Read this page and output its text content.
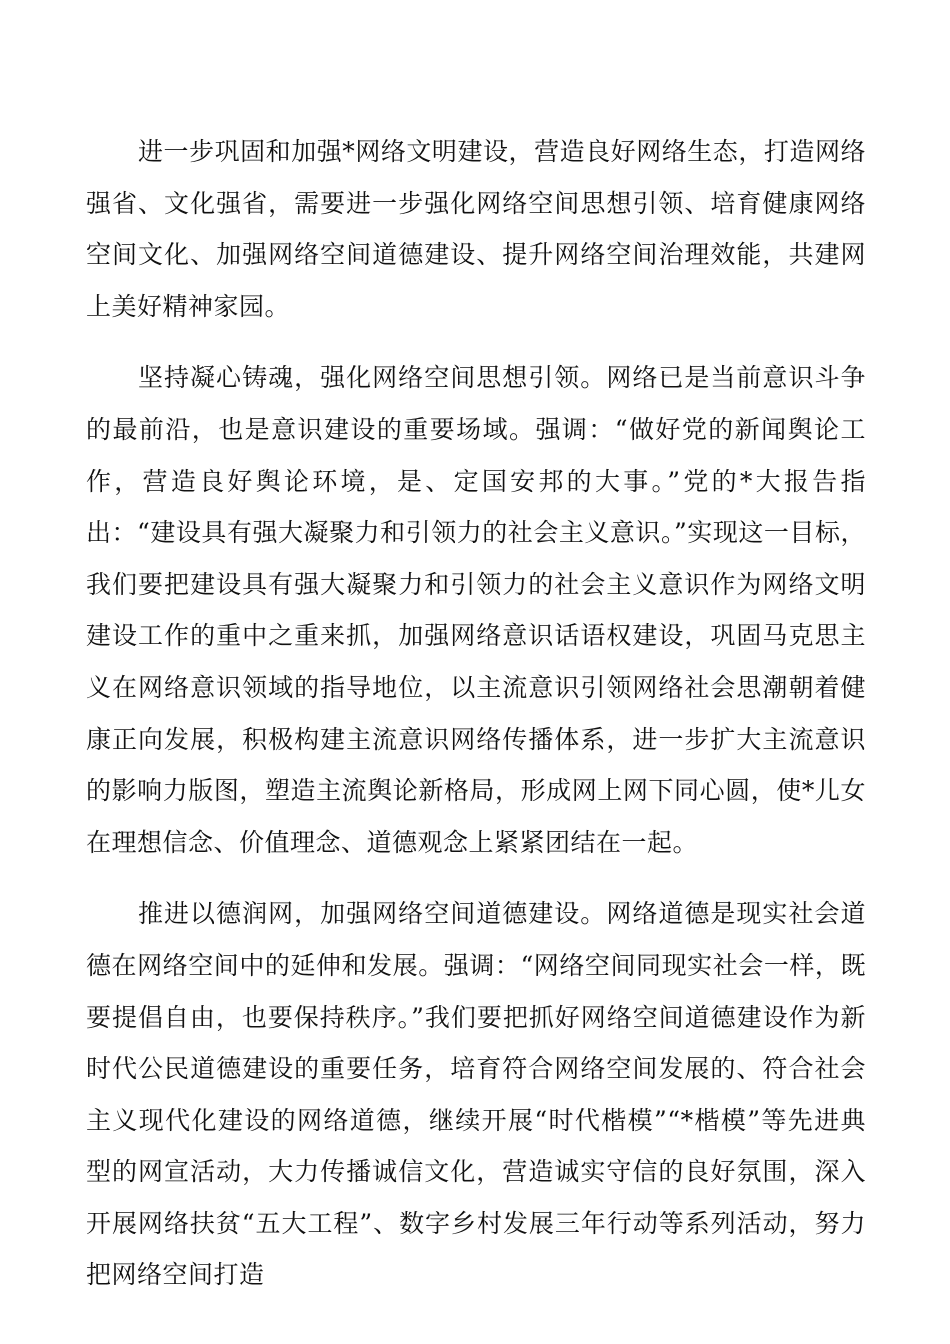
进一步巩固和加强*网络文明建设，营造良好网络生态，打造网络强省、文化强省，需要进一步强化网络空间思想引领、培育健康网络空间文化、加强网络空间道德建设、提升网络空间治理效能，共建网上美好精神家园。

坚持凝心铸魂，强化网络空间思想引领。网络已是当前意识斗争的最前沿，也是意识建设的重要场域。强调：“做好党的新闻舆论工作，营造良好舆论环境，是、定国安邦的大事。”党的*大报告指出：“建设具有强大凝聚力和引领力的社会主义意识。”实现这一目标，我们要把建设具有强大凝聚力和引领力的社会主义意识作为网络文明建设工作的重中之重来抓，加强网络意识话语权建设，巩固马克思主义在网络意识领域的指导地位，以主流意识引领网络社会思潮朝着健康正向发展，积极构建主流意识网络传播体系，进一步扩大主流意识的影响力版图，塑造主流舆论新格局，形成网上网下同心圆，使*儿女在理想信念、价值理念、道德观念上紧紧团结在一起。

推进以德润网，加强网络空间道德建设。网络道德是现实社会道德在网络空间中的延伸和发展。强调：“网络空间同现实社会一样，既要提倡自由，也要保持秩序。”我们要把抓好网络空间道德建设作为新时代公民道德建设的重要任务，培育符合网络空间发展的、符合社会主义现代化建设的网络道德，继续开展“时代楷模”“*楷模”等先进典型的网宣活动，大力传播诚信文化，营造诚实守信的良好氛围，深入开展网络扶贫“五大工程”、数字乡村发展三年行动等系列活动，努力把网络空间打造
